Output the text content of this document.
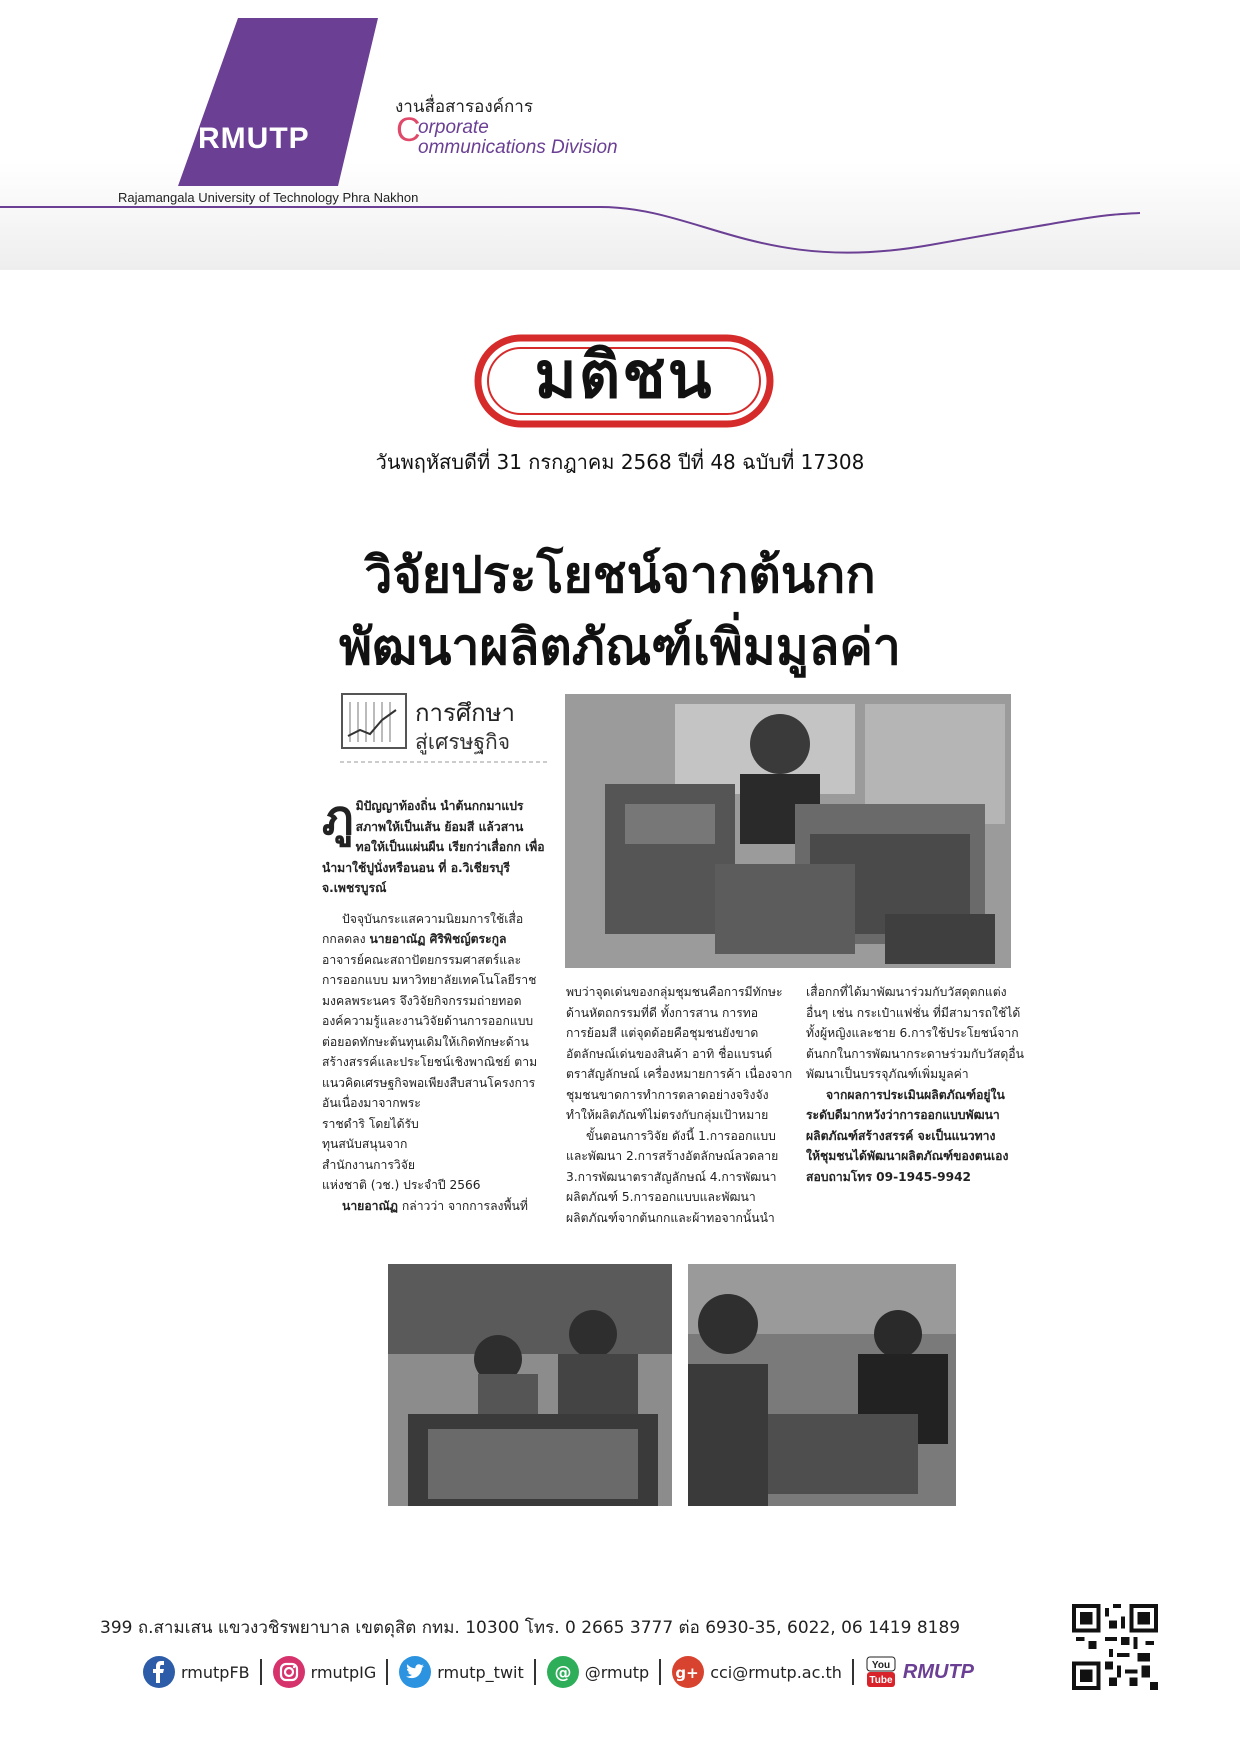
RMUTP
Rajamangala University of Technology Phra Nakhon
งานสื่อสารองค์การ
C
orporate
ommunications Division
มติชน
วันพฤหัสบดีที่ 31 กรกฎาคม 2568 ปีที่ 48 ฉบับที่ 17308
วิจัยประโยชน์จากต้นกก
พัฒนาผลิตภัณฑ์เพิ่มมูลค่า
การศึกษา
สู่เศรษฐกิจ
ภู มิปัญญาท้องถิ่น นำต้นกกมาแปร

สภาพให้เป็นเส้น ย้อมสี แล้วสาน

ทอให้เป็นแผ่นผืน เรียกว่าเสื่อกก เพื่อ

นำมาใช้ปูนั่งหรือนอน ที่ อ.วิเชียรบุรี

จ.เพชรบูรณ์

ปัจจุบันกระแสความนิยมการใช้เสื่อ

กกลดลง นายอาณัฏ ศิริพิชญ์ตระกูล

อาจารย์คณะสถาปัตยกรรมศาสตร์และ

การออกแบบ มหาวิทยาลัยเทคโนโลยีราช

มงคลพระนคร จึงวิจัยกิจกรรมถ่ายทอด

องค์ความรู้และงานวิจัยด้านการออกแบบ

ต่อยอดทักษะต้นทุนเดิมให้เกิดทักษะด้าน

สร้างสรรค์และประโยชน์เชิงพาณิชย์ ตาม

แนวคิดเศรษฐกิจพอเพียงสืบสานโครงการ

อันเนื่องมาจากพระ

ราชดำริ โดยได้รับ

ทุนสนับสนุนจาก

สำนักงานการวิจัย

แห่งชาติ (วช.) ประจำปี 2566

นายอาณัฏ กล่าวว่า จากการลงพื้นที่

พบว่าจุดเด่นของกลุ่มชุมชนคือการมีทักษะ

ด้านหัตถกรรมที่ดี ทั้งการสาน การทอ

การย้อมสี แต่จุดด้อยคือชุมชนยังขาด

อัตลักษณ์เด่นของสินค้า อาทิ ชื่อแบรนด์

ตราสัญลักษณ์ เครื่องหมายการค้า เนื่องจาก

ชุมชนขาดการทำการตลาดอย่างจริงจัง

ทำให้ผลิตภัณฑ์ไม่ตรงกับกลุ่มเป้าหมาย

ขั้นตอนการวิจัย ดังนี้ 1.การออกแบบ

และพัฒนา 2.การสร้างอัตลักษณ์ลวดลาย

3.การพัฒนาตราสัญลักษณ์ 4.การพัฒนา

ผลิตภัณฑ์ 5.การออกแบบและพัฒนา

ผลิตภัณฑ์จากต้นกกและผ้าทอจากนั้นนำ

เสื่อกกที่ได้มาพัฒนาร่วมกับวัสดุตกแต่ง

อื่นๆ เช่น กระเป๋าแฟชั่น ที่มีสามารถใช้ได้

ทั้งผู้หญิงและชาย 6.การใช้ประโยชน์จาก

ต้นกกในการพัฒนากระดาษร่วมกับวัสดุอื่น

พัฒนาเป็นบรรจุภัณฑ์เพิ่มมูลค่า

จากผลการประเมินผลิตภัณฑ์อยู่ใน

ระดับดีมากหวังว่าการออกแบบพัฒนา

ผลิตภัณฑ์สร้างสรรค์ จะเป็นแนวทาง

ให้ชุมชนได้พัฒนาผลิตภัณฑ์ของตนเอง

สอบถามโทร 09-1945-9942

399 ถ.สามเสน แขวงวชิรพยาบาล เขตดุสิต กทม. 10300 โทร. 0 2665 3777 ต่อ 6930-35, 6022, 06 1419 8189
rmutpFB	rmutpIG	rmutp_twit @ @rmutp g+ cci@rmutp.ac.th	You
Tube RMUTP
